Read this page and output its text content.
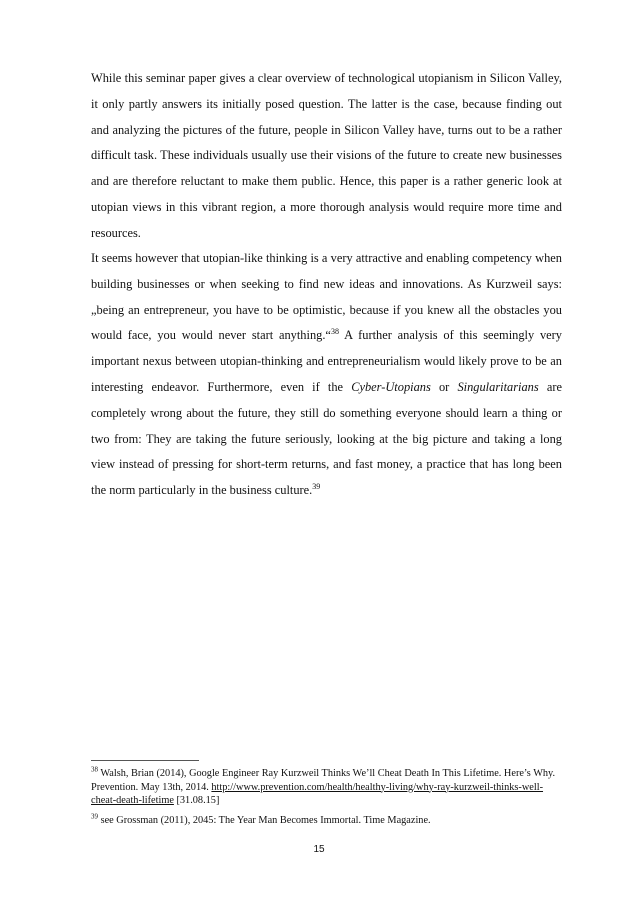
While this seminar paper gives a clear overview of technological utopianism in Silicon Valley, it only partly answers its initially posed question. The latter is the case, because finding out and analyzing the pictures of the future, people in Silicon Valley have, turns out to be a rather difficult task. These individuals usually use their visions of the future to create new businesses and are therefore reluctant to make them public. Hence, this paper is a rather generic look at utopian views in this vibrant region, a more thorough analysis would require more time and resources.

It seems however that utopian-like thinking is a very attractive and enabling competency when building businesses or when seeking to find new ideas and innovations. As Kurzweil says: „being an entrepreneur, you have to be optimistic, because if you knew all the obstacles you would face, you would never start anything.“$^{38}$ A further analysis of this seemingly very important nexus between utopian-thinking and entrepreneurialism would likely prove to be an interesting endeavor. Furthermore, even if the Cyber-Utopians or Singularitarians are completely wrong about the future, they still do something everyone should learn a thing or two from: They are taking the future seriously, looking at the big picture and taking a long view instead of pressing for short-term returns, and fast money, a practice that has long been the norm particularly in the business culture.$^{39}$

$^{38}$ Walsh, Brian (2014), Google Engineer Ray Kurzweil Thinks We’ll Cheat Death In This Lifetime. Here’s Why. Prevention. May 13th, 2014. http://www.prevention.com/health/healthy-living/why-ray-kurzweil-thinks-well-cheat-death-lifetime [31.08.15]

$^{39}$ see Grossman (2011), 2045: The Year Man Becomes Immortal. Time Magazine.

15
